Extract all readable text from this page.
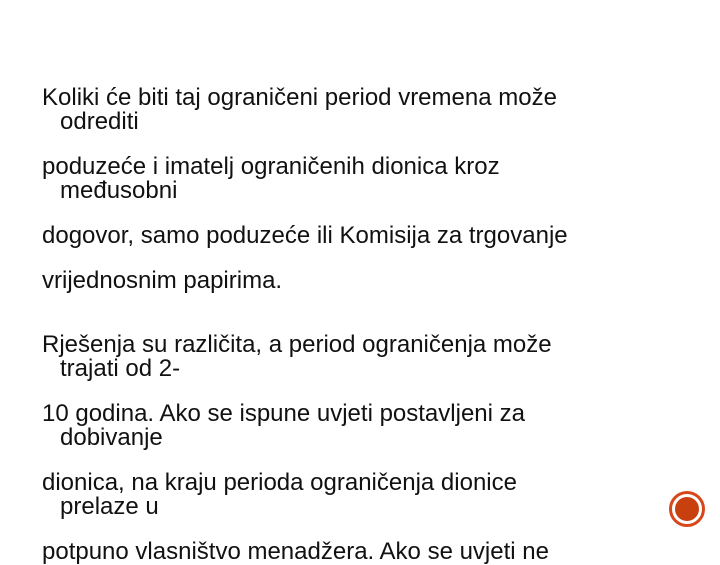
Koliki će biti taj ograničeni period vremena može
odrediti
poduzeće i imatelj ograničenih dionica kroz
međusobni
dogovor, samo poduzeće ili Komisija za trgovanje
vrijednosnim papirima.
Rješenja su različita, a period ograničenja može
trajati od 2-
10 godina. Ako se ispune uvjeti postavljeni za
dobivanje
dionica, na kraju perioda ograničenja dionice
prelaze u
potpuno vlasništvo menadžera. Ako se uvjeti ne
